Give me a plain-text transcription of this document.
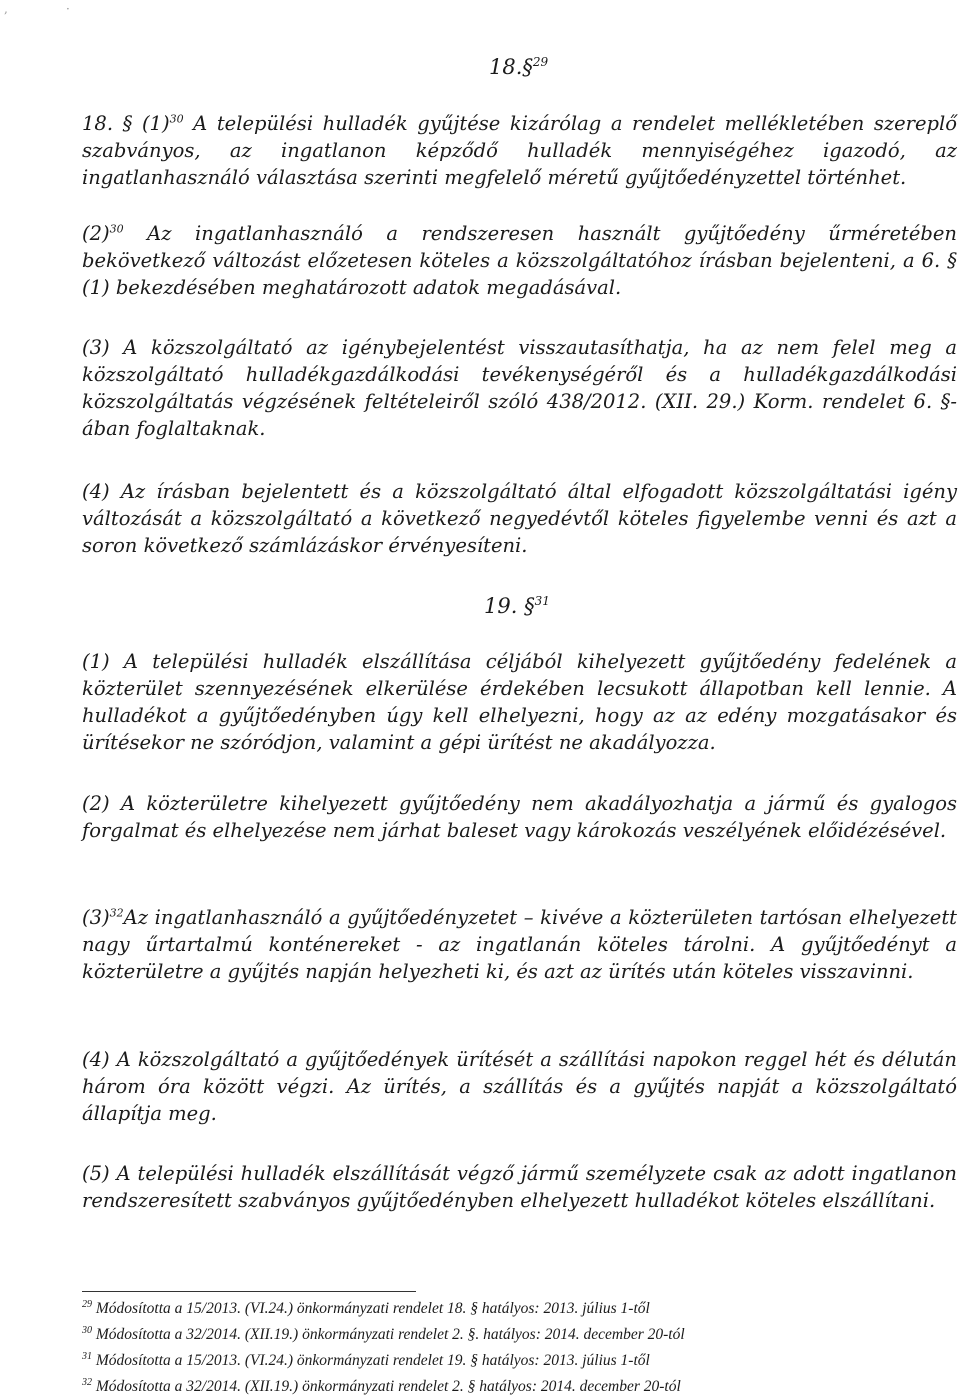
,	·
18.§$^{29}$

18. § $(1)^{30}$ A települési hulladék gyűjtése kizárólag a rendelet mellékletében szereplő szabványos, az ingatlanon képződő hulladék mennyiségéhez igazodó, az ingatlanhasználó választása szerinti megfelelő méretű gyűjtőedényzettel történhet.

$(2)^{30}$ Az ingatlanhasználó a rendszeresen használt gyűjtőedény űrméretében bekövetkező változást előzetesen köteles a közszolgáltatóhoz írásban bejelenteni, a 6. § (1) bekezdésében meghatározott adatok megadásával.

(3) A közszolgáltató az igénybejelentést visszautasíthatja, ha az nem felel meg a közszolgáltató hulladékgazdálkodási tevékenységéről és a hulladékgazdálkodási közszolgáltatás végzésének feltételeiről szóló 438/2012. (XII. 29.) Korm. rendelet 6. §-ában foglaltaknak.

(4) Az írásban bejelentett és a közszolgáltató által elfogadott közszolgáltatási igény változását a közszolgáltató a következő negyedévtől köteles figyelembe venni és azt a soron következő számlázáskor érvényesíteni.

19. §$^{31}$

(1) A települési hulladék elszállítása céljából kihelyezett gyűjtőedény fedelének a közterület szennyezésének elkerülése érdekében lecsukott állapotban kell lennie. A hulladékot a gyűjtőedényben úgy kell elhelyezni, hogy az az edény mozgatásakor és ürítésekor ne szóródjon, valamint a gépi ürítést ne akadályozza.

(2) A közterületre kihelyezett gyűjtőedény nem akadályozhatja a jármű és gyalogos forgalmat és elhelyezése nem járhat baleset vagy károkozás veszélyének előidézésével.

$(3)^{32}Az$ ingatlanhasználó a gyűjtőedényzetet – kivéve a közterületen tartósan elhelyezett nagy űrtartalmú konténereket - az ingatlanán köteles tárolni. A gyűjtőedényt a közterületre a gyűjtés napján helyezheti ki, és azt az ürítés után köteles visszavinni.

(4) A közszolgáltató a gyűjtőedények ürítését a szállítási napokon reggel hét és délután három óra között végzi. Az ürítés, a szállítás és a gyűjtés napját a közszolgáltató állapítja meg.

(5) A települési hulladék elszállítását végző jármű személyzete csak az adott ingatlanon rendszeresített szabványos gyűjtőedényben elhelyezett hulladékot köteles elszállítani.

$^{29}$ Módosította a 15/2013. (VI.24.) önkormányzati rendelet 18. § hatályos: 2013. július 1-től

$^{30}$ Módosította a 32/2014. (XII.19.) önkormányzati rendelet 2. §. hatályos: 2014. december 20-tól

$^{31}$ Módosította a 15/2013. (VI.24.) önkormányzati rendelet 19. § hatályos: 2013. július 1-től

$^{32}$ Módosította a 32/2014. (XII.19.) önkormányzati rendelet 2. § hatályos: 2014. december 20-tól
